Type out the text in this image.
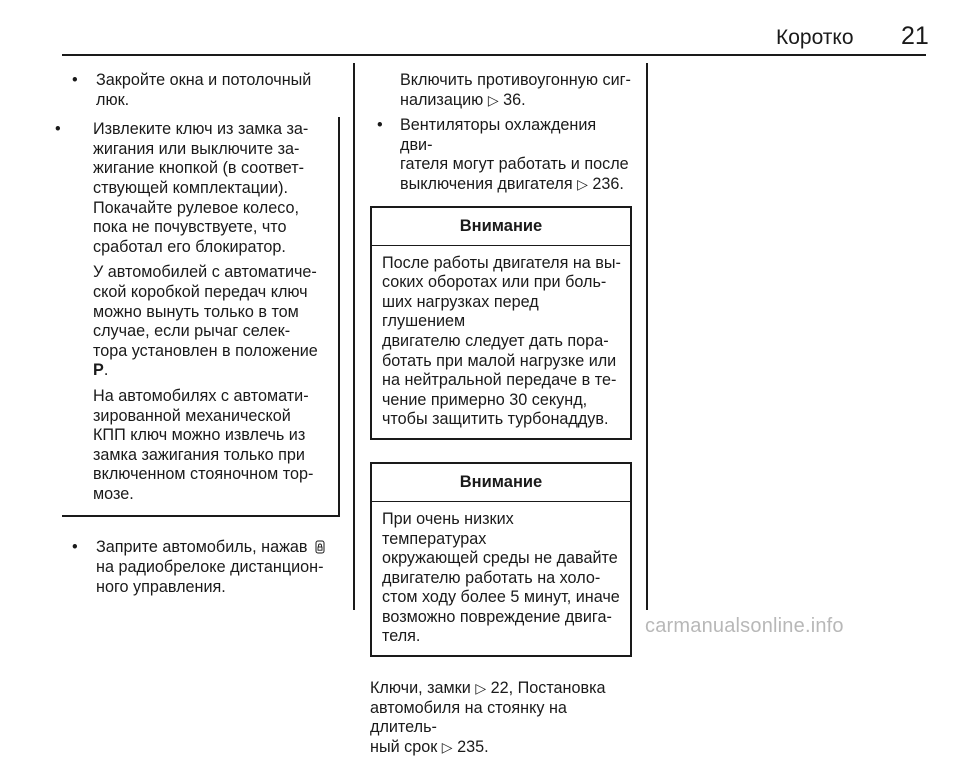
Коротко 21
• Закройте окна и потолочный
люк.
• Извлеките ключ из замка за-
жигания или выключите за-
жигание кнопкой (в соответ-
ствующей комплектации).
Покачайте рулевое колесо,
пока не почувствуете, что
сработал его блокиратор.
У автомобилей с автоматиче-
ской коробкой передач ключ
можно вынуть только в том
случае, если рычаг селек-
тора установлен в положение
P.
На автомобилях с автомати-
зированной механической
КПП ключ можно извлечь из
замка зажигания только при
включенном стояночном тор-
мозе.
• Заприте автомобиль, нажав
на радиобрелоке дистанцион-
ного управления.
Включить противоугонную сиг-
нализацию ▷ 36.
• Вентиляторы охлаждения дви-
гателя могут работать и после
выключения двигателя ▷ 236.
Внимание
После работы двигателя на вы-
соких оборотах или при боль-
ших нагрузках перед глушением
двигателю следует дать пора-
ботать при малой нагрузке или
на нейтральной передаче в те-
чение примерно 30 секунд,
чтобы защитить турбонаддув.
Внимание
При очень низких температурах
окружающей среды не давайте
двигателю работать на холо-
стом ходу более 5 минут, иначе
возможно повреждение двига-
теля.
Ключи, замки ▷ 22, Постановка
автомобиля на стоянку на длитель-
ный срок ▷ 235.
carmanualsonline.info
